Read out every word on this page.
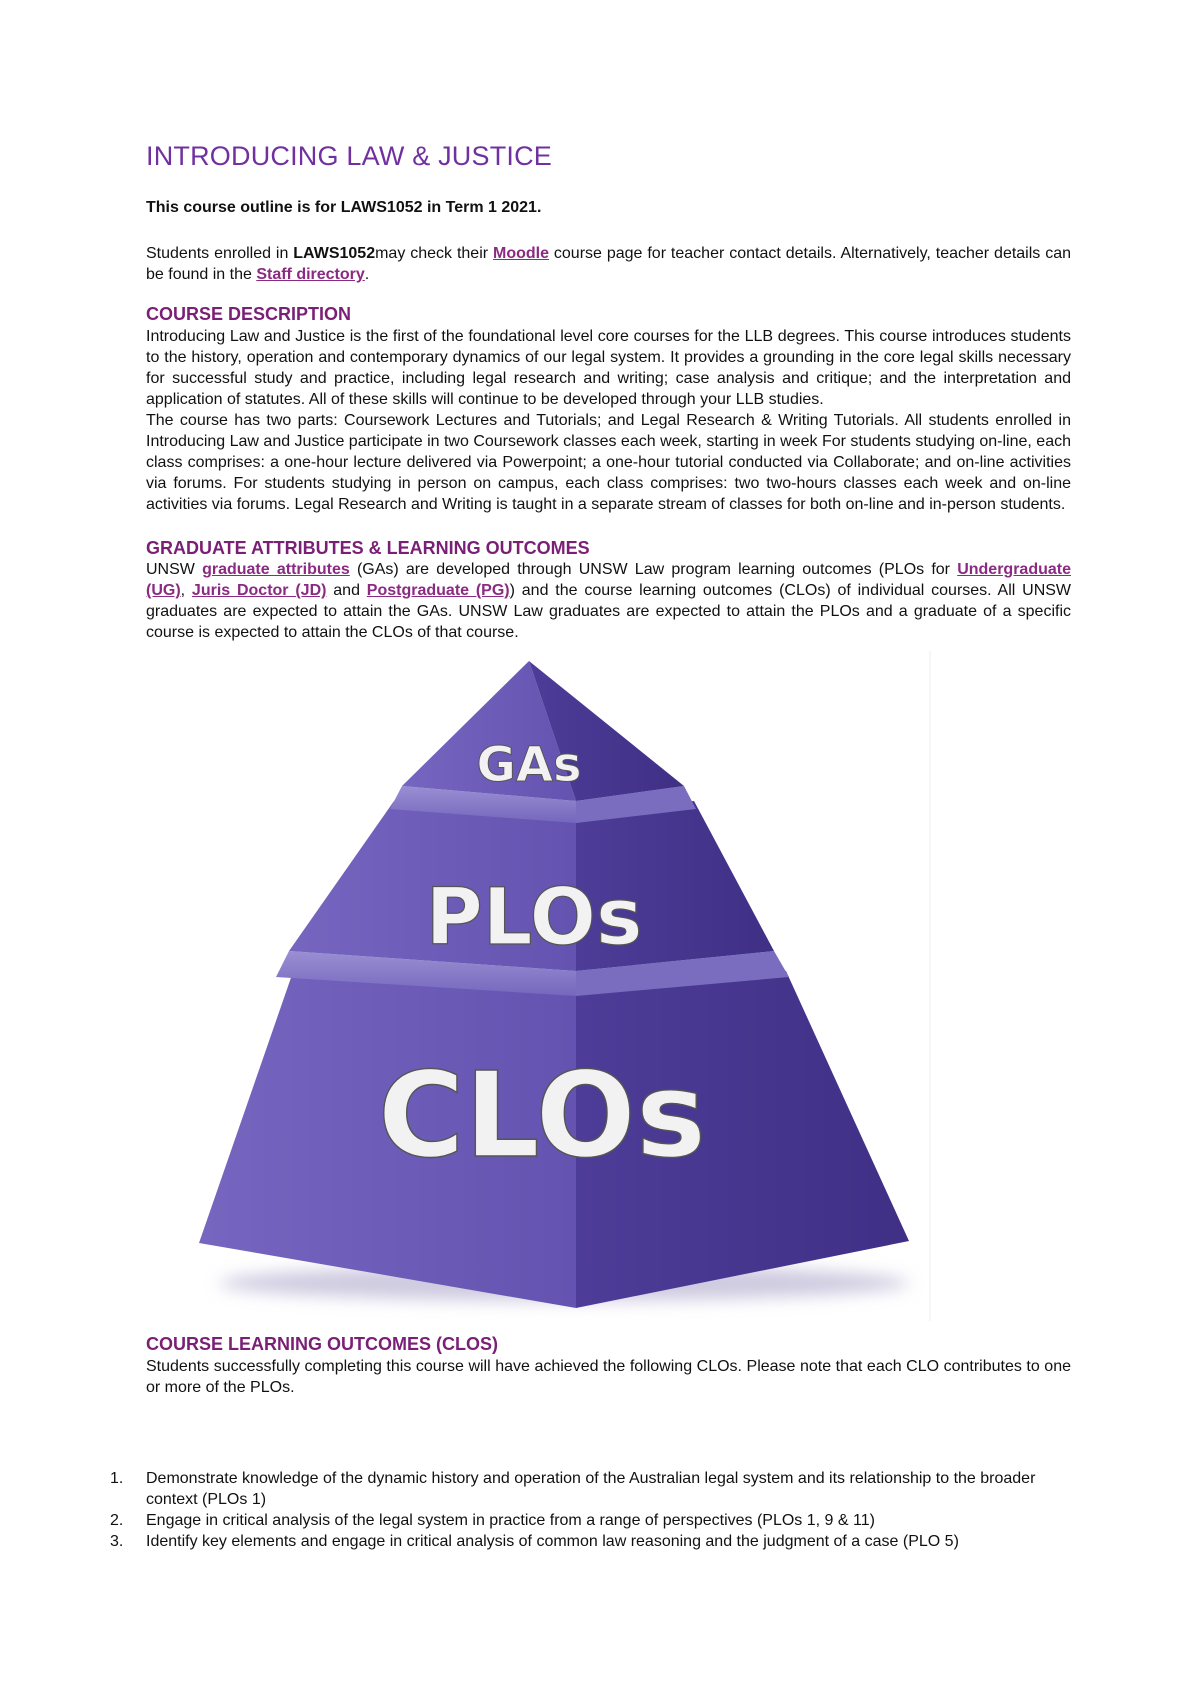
INTRODUCING LAW & JUSTICE
This course outline is for LAWS1052 in Term 1 2021.

Students enrolled in LAWS1052may check their Moodle course page for teacher contact details. Alternatively, teacher details can be found in the Staff directory.

COURSE DESCRIPTION

Introducing Law and Justice is the first of the foundational level core courses for the LLB degrees. This course introduces students to the history, operation and contemporary dynamics of our legal system. It provides a grounding in the core legal skills necessary for successful study and practice, including legal research and writing; case analysis and critique; and the interpretation and application of statutes. All of these skills will continue to be developed through your LLB studies.

The course has two parts: Coursework Lectures and Tutorials; and Legal Research & Writing Tutorials. All students enrolled in Introducing Law and Justice participate in two Coursework classes each week, starting in week For students studying on-line, each class comprises: a one-hour lecture delivered via Powerpoint; a one-hour tutorial conducted via Collaborate; and on-line activities via forums. For students studying in person on campus, each class comprises: two two-hours classes each week and on-line activities via forums. Legal Research and Writing is taught in a separate stream of classes for both on-line and in-person students.

GRADUATE ATTRIBUTES & LEARNING OUTCOMES

UNSW graduate attributes (GAs) are developed through UNSW Law program learning outcomes (PLOs for Undergraduate (UG), Juris Doctor (JD) and Postgraduate (PG)) and the course learning outcomes (CLOs) of individual courses. All UNSW graduates are expected to attain the GAs. UNSW Law graduates are expected to attain the PLOs and a graduate of a specific course is expected to attain the CLOs of that course.

GAs
PLOs
CLOs
COURSE LEARNING OUTCOMES (CLOS)

Students successfully completing this course will have achieved the following CLOs. Please note that each CLO contributes to one or more of the PLOs.

1. Demonstrate knowledge of the dynamic history and operation of the Australian legal system and its relationship to the broader context (PLOs 1)
2. Engage in critical analysis of the legal system in practice from a range of perspectives (PLOs 1, 9 & 11)
3. Identify key elements and engage in critical analysis of common law reasoning and the judgment of a case (PLO 5)
